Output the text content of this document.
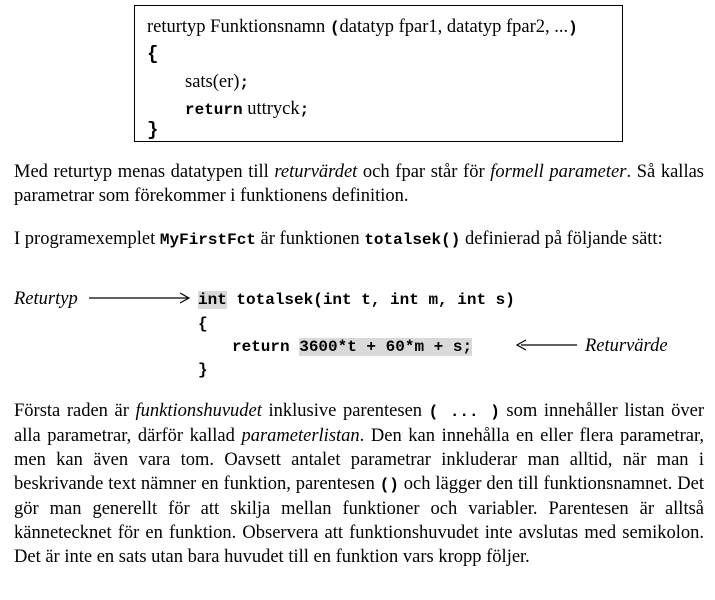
returtyp Funktionsnamn (datatyp fpar1, datatyp fpar2, ...)
{
sats(er);
return uttryck;
}

Med returtyp menas datatypen till returvärdet och fpar står för formell parameter. Så kallas parametrar som förekommer i funktionens definition.

I programexemplet MyFirstFct är funktionen totalsek() definierad på följande sätt:

Returtyp	int totalsek(int t, int m, int s)
{
return 3600*t + 60*m + s;	Returvärde
}

Första raden är funktionshuvudet inklusive parentesen ( ... ) som innehåller listan över alla parametrar, därför kallad parameterlistan. Den kan innehålla en eller flera parametrar, men kan även vara tom. Oavsett antalet parametrar inkluderar man alltid, när man i beskrivande text nämner en funktion, parentesen () och lägger den till funktionsnamnet. Det gör man generellt för att skilja mellan funktioner och variabler. Parentesen är alltså kännetecknet för en funktion. Observera att funktionshuvudet inte avslutas med semikolon. Det är inte en sats utan bara huvudet till en funktion vars kropp följer.
